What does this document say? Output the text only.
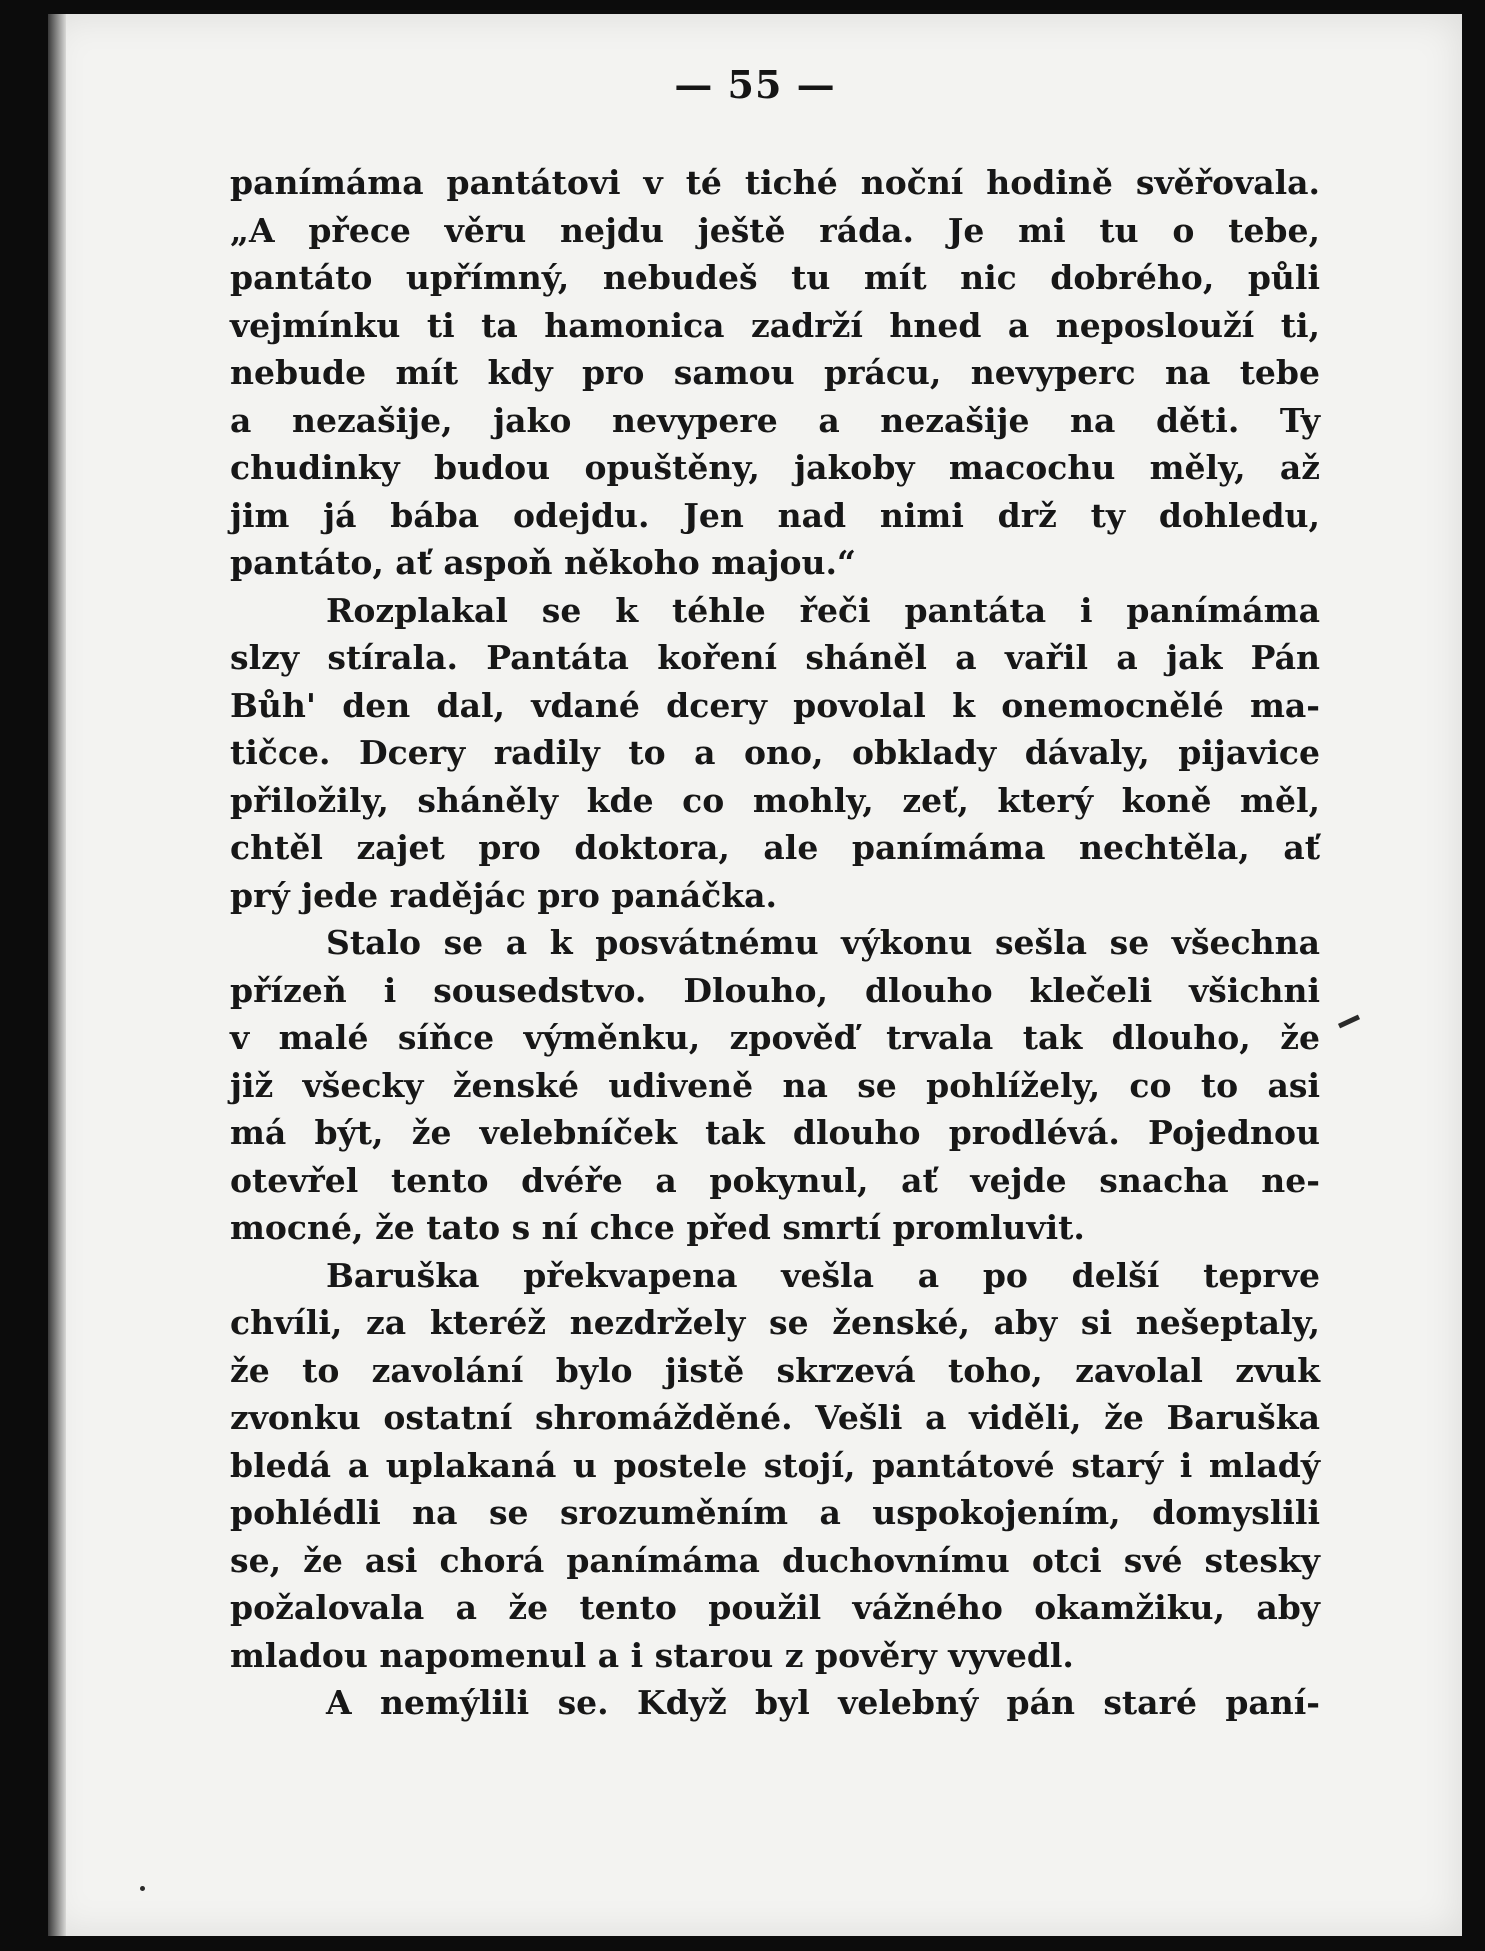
— 55 —
panímáma pantátovi v té tiché noční hodině svěřovala.
„A přece věru nejdu ještě ráda. Je mi tu o tebe,
pantáto upřímný, nebudeš tu mít nic dobrého, půli
vejmínku ti ta hamonica zadrží hned a neposlouží ti,
nebude mít kdy pro samou prácu, nevyperc na tebe
a nezašije, jako nevypere a nezašije na děti. Ty
chudinky budou opuštěny, jakoby macochu měly, až
jim já bába odejdu. Jen nad nimi drž ty dohledu,
pantáto, ať aspoň někoho majou.“
Rozplakal se k téhle řeči pantáta i panímáma
slzy stírala. Pantáta koření sháněl a vařil a jak Pán
Bůh' den dal, vdané dcery povolal k onemocnělé ma-
tičce. Dcery radily to a ono, obklady dávaly, pijavice
přiložily, sháněly kde co mohly, zeť, který koně měl,
chtěl zajet pro doktora, ale panímáma nechtěla, ať
prý jede radějác pro panáčka.
Stalo se a k posvátnému výkonu sešla se všechna
přízeň i sousedstvo. Dlouho, dlouho klečeli všichni
v malé síňce výměnku, zpověď trvala tak dlouho, že
již všecky ženské udiveně na se pohlížely, co to asi
má být, že velebníček tak dlouho prodlévá. Pojednou
otevřel tento dvéře a pokynul, ať vejde snacha ne-
mocné, že tato s ní chce před smrtí promluvit.
Baruška překvapena vešla a po delší teprve
chvíli, za kteréž nezdržely se ženské, aby si nešeptaly,
že to zavolání bylo jistě skrzevá toho, zavolal zvuk
zvonku ostatní shromážděné. Vešli a viděli, že Baruška
bledá a uplakaná u postele stojí, pantátové starý i mladý
pohlédli na se srozuměním a uspokojením, domyslili
se, že asi chorá panímáma duchovnímu otci své stesky
požalovala a že tento použil vážného okamžiku, aby
mladou napomenul a i starou z pověry vyvedl.
A nemýlili se. Když byl velebný pán staré paní-
